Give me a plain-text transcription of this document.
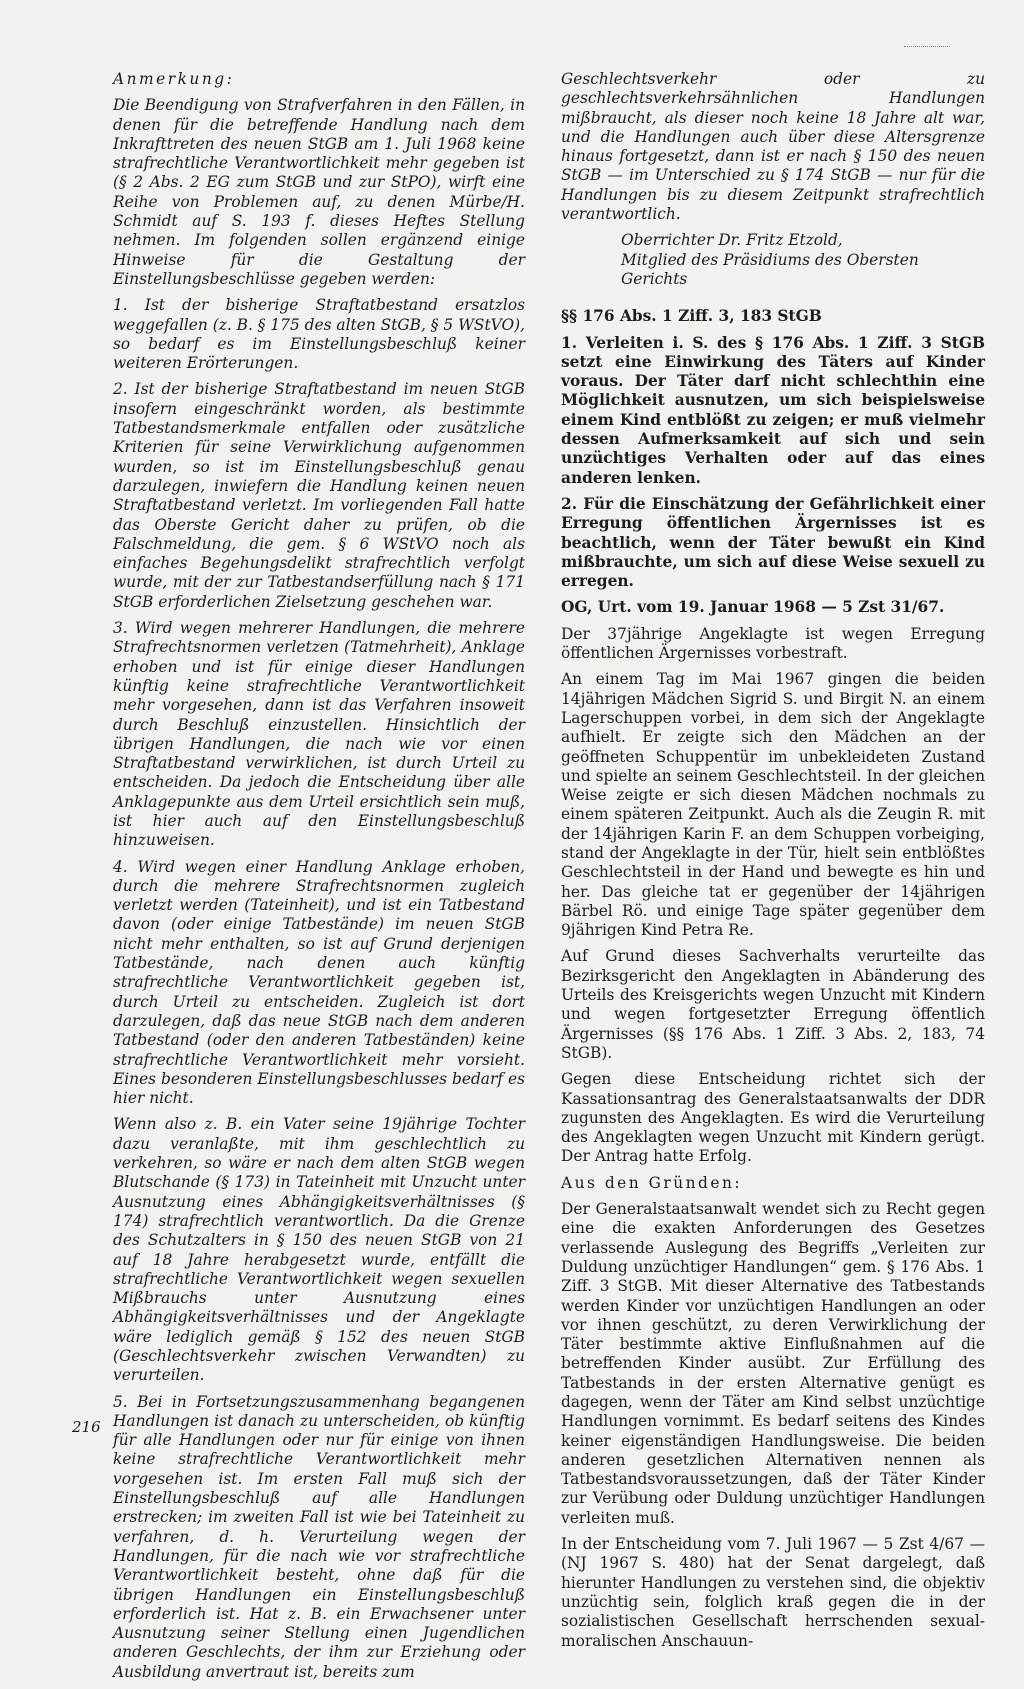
Anmerkung:

Die Beendigung von Strafverfahren in den Fällen, in denen für die betreffende Handlung nach dem Inkrafttreten des neuen StGB am 1. Juli 1968 keine strafrechtliche Verantwortlichkeit mehr gegeben ist (§ 2 Abs. 2 EG zum StGB und zur StPO), wirft eine Reihe von Problemen auf, zu denen Mürbe/H. Schmidt auf S. 193 f. dieses Heftes Stellung nehmen. Im folgenden sollen ergänzend einige Hinweise für die Gestaltung der Einstellungsbeschlüsse gegeben werden:

1. Ist der bisherige Straftatbestand ersatzlos weggefallen (z. B. § 175 des alten StGB, § 5 WStVO), so bedarf es im Einstellungsbeschluß keiner weiteren Erörterungen.

2. Ist der bisherige Straftatbestand im neuen StGB insofern eingeschränkt worden, als bestimmte Tatbestandsmerkmale entfallen oder zusätzliche Kriterien für seine Verwirklichung aufgenommen wurden, so ist im Einstellungsbeschluß genau darzulegen, inwiefern die Handlung keinen neuen Straftatbestand verletzt. Im vorliegenden Fall hatte das Oberste Gericht daher zu prüfen, ob die Falschmeldung, die gem. § 6 WStVO noch als einfaches Begehungsdelikt strafrechtlich verfolgt wurde, mit der zur Tatbestandserfüllung nach § 171 StGB erforderlichen Zielsetzung geschehen war.

3. Wird wegen mehrerer Handlungen, die mehrere Strafrechtsnormen verletzen (Tatmehrheit), Anklage erhoben und ist für einige dieser Handlungen künftig keine strafrechtliche Verantwortlichkeit mehr vorgesehen, dann ist das Verfahren insoweit durch Beschluß einzustellen. Hinsichtlich der übrigen Handlungen, die nach wie vor einen Straftatbestand verwirklichen, ist durch Urteil zu entscheiden. Da jedoch die Entscheidung über alle Anklagepunkte aus dem Urteil ersichtlich sein muß, ist hier auch auf den Einstellungsbeschluß hinzuweisen.

4. Wird wegen einer Handlung Anklage erhoben, durch die mehrere Strafrechtsnormen zugleich verletzt werden (Tateinheit), und ist ein Tatbestand davon (oder einige Tatbestände) im neuen StGB nicht mehr enthalten, so ist auf Grund derjenigen Tatbestände, nach denen auch künftig strafrechtliche Verantwortlichkeit gegeben ist, durch Urteil zu entscheiden. Zugleich ist dort darzulegen, daß das neue StGB nach dem anderen Tatbestand (oder den anderen Tatbeständen) keine strafrechtliche Verantwortlichkeit mehr vorsieht. Eines besonderen Einstellungsbeschlusses bedarf es hier nicht.

Wenn also z. B. ein Vater seine 19jährige Tochter dazu veranlaßte, mit ihm geschlechtlich zu verkehren, so wäre er nach dem alten StGB wegen Blutschande (§ 173) in Tateinheit mit Unzucht unter Ausnutzung eines Abhängigkeitsverhältnisses (§ 174) strafrechtlich verantwortlich. Da die Grenze des Schutzalters in § 150 des neuen StGB von 21 auf 18 Jahre herabgesetzt wurde, entfällt die strafrechtliche Verantwortlichkeit wegen sexuellen Mißbrauchs unter Ausnutzung eines Abhängigkeitsverhältnisses und der Angeklagte wäre lediglich gemäß § 152 des neuen StGB (Geschlechtsverkehr zwischen Verwandten) zu verurteilen.

5. Bei in Fortsetzungszusammenhang begangenen Handlungen ist danach zu unterscheiden, ob künftig für alle Handlungen oder nur für einige von ihnen keine strafrechtliche Verantwortlichkeit mehr vorgesehen ist. Im ersten Fall muß sich der Einstellungsbeschluß auf alle Handlungen erstrecken; im zweiten Fall ist wie bei Tateinheit zu verfahren, d. h. Verurteilung wegen der Handlungen, für die nach wie vor strafrechtliche Verantwortlichkeit besteht, ohne daß für die übrigen Handlungen ein Einstellungsbeschluß erforderlich ist. Hat z. B. ein Erwachsener unter Ausnutzung seiner Stellung einen Jugendlichen anderen Geschlechts, der ihm zur Erziehung oder Ausbildung anvertraut ist, bereits zum

Geschlechtsverkehr oder zu geschlechtsverkehrsähnlichen Handlungen mißbraucht, als dieser noch keine 18 Jahre alt war, und die Handlungen auch über diese Altersgrenze hinaus fortgesetzt, dann ist er nach § 150 des neuen StGB — im Unterschied zu § 174 StGB — nur für die Handlungen bis zu diesem Zeitpunkt strafrechtlich verantwortlich.

Oberrichter Dr. Fritz Etzold,

Mitglied des Präsidiums des Obersten Gerichts

§§ 176 Abs. 1 Ziff. 3, 183 StGB

1. Verleiten i. S. des § 176 Abs. 1 Ziff. 3 StGB setzt eine Einwirkung des Täters auf Kinder voraus. Der Täter darf nicht schlechthin eine Möglichkeit ausnutzen, um sich beispielsweise einem Kind entblößt zu zeigen; er muß vielmehr dessen Aufmerksamkeit auf sich und sein unzüchtiges Verhalten oder auf das eines anderen lenken.

2. Für die Einschätzung der Gefährlichkeit einer Erregung öffentlichen Ärgernisses ist es beachtlich, wenn der Täter bewußt ein Kind mißbrauchte, um sich auf diese Weise sexuell zu erregen.

OG, Urt. vom 19. Januar 1968 — 5 Zst 31/67.

Der 37jährige Angeklagte ist wegen Erregung öffentlichen Ärgernisses vorbestraft.

An einem Tag im Mai 1967 gingen die beiden 14jährigen Mädchen Sigrid S. und Birgit N. an einem Lagerschuppen vorbei, in dem sich der Angeklagte aufhielt. Er zeigte sich den Mädchen an der geöffneten Schuppentür im unbekleideten Zustand und spielte an seinem Geschlechtsteil. In der gleichen Weise zeigte er sich diesen Mädchen nochmals zu einem späteren Zeitpunkt. Auch als die Zeugin R. mit der 14jährigen Karin F. an dem Schuppen vorbeiging, stand der Angeklagte in der Tür, hielt sein entblößtes Geschlechtsteil in der Hand und bewegte es hin und her. Das gleiche tat er gegenüber der 14jährigen Bärbel Rö. und einige Tage später gegenüber dem 9jährigen Kind Petra Re.

Auf Grund dieses Sachverhalts verurteilte das Bezirksgericht den Angeklagten in Abänderung des Urteils des Kreisgerichts wegen Unzucht mit Kindern und wegen fortgesetzter Erregung öffentlich Ärgernisses (§§ 176 Abs. 1 Ziff. 3 Abs. 2, 183, 74 StGB).

Gegen diese Entscheidung richtet sich der Kassationsantrag des Generalstaatsanwalts der DDR zugunsten des Angeklagten. Es wird die Verurteilung des Angeklagten wegen Unzucht mit Kindern gerügt. Der Antrag hatte Erfolg.

Aus den Gründen:

Der Generalstaatsanwalt wendet sich zu Recht gegen eine die exakten Anforderungen des Gesetzes verlassende Auslegung des Begriffs „Verleiten zur Duldung unzüchtiger Handlungen“ gem. § 176 Abs. 1 Ziff. 3 StGB. Mit dieser Alternative des Tatbestands werden Kinder vor unzüchtigen Handlungen an oder vor ihnen geschützt, zu deren Verwirklichung der Täter bestimmte aktive Einflußnahmen auf die betreffenden Kinder ausübt. Zur Erfüllung des Tatbestands in der ersten Alternative genügt es dagegen, wenn der Täter am Kind selbst unzüchtige Handlungen vornimmt. Es bedarf seitens des Kindes keiner eigenständigen Handlungsweise. Die beiden anderen gesetzlichen Alternativen nennen als Tatbestandsvoraussetzungen, daß der Täter Kinder zur Verübung oder Duldung unzüchtiger Handlungen verleiten muß.

In der Entscheidung vom 7. Juli 1967 — 5 Zst 4/67 — (NJ 1967 S. 480) hat der Senat dargelegt, daß hierunter Handlungen zu verstehen sind, die objektiv unzüchtig sein, folglich kraß gegen die in der sozialistischen Gesellschaft herrschenden sexual-moralischen Anschauun-

216
